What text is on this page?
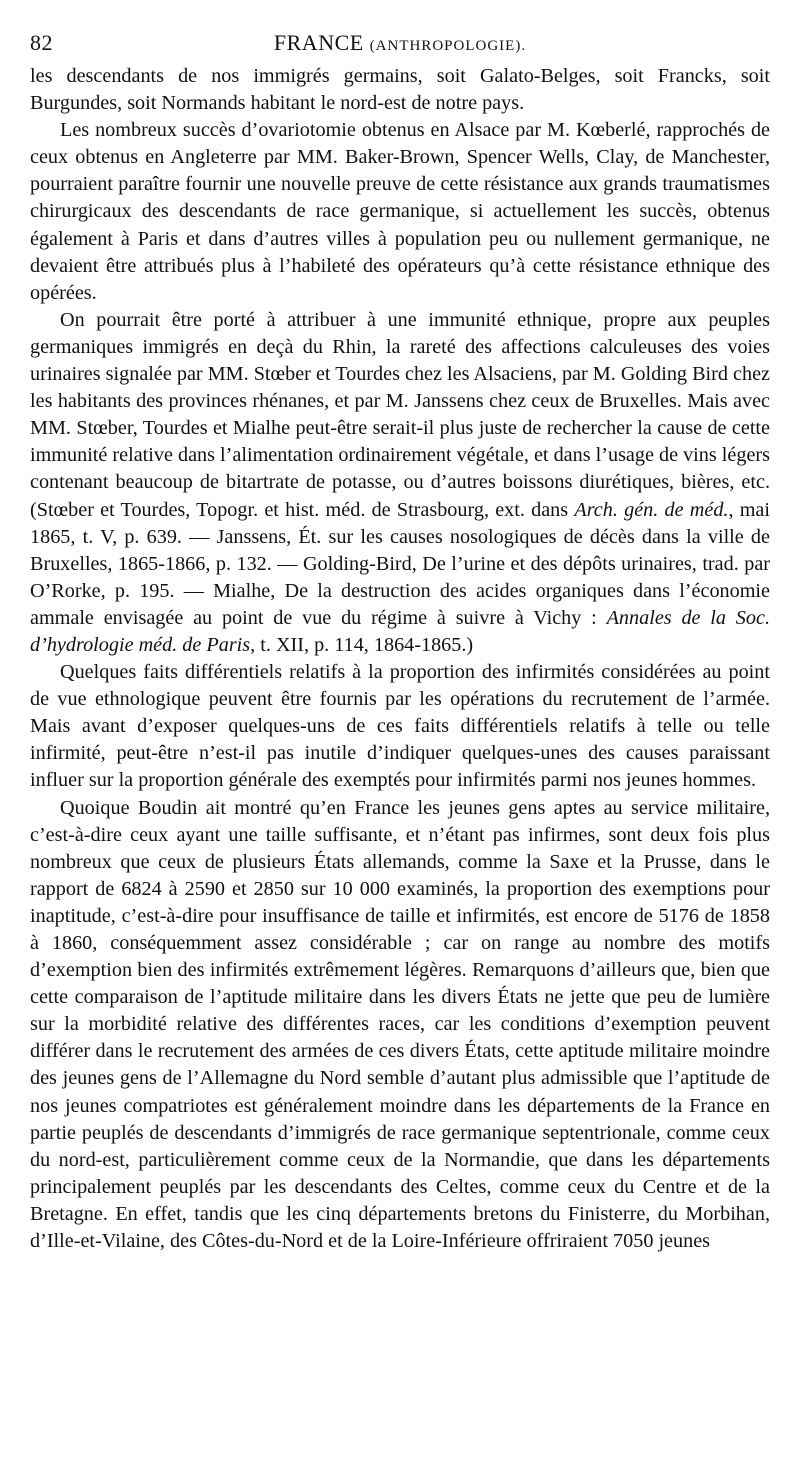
82	FRANCE (ANTHROPOLOGIE).

les descendants de nos immigrés germains, soit Galato-Belges, soit Francks, soit Burgundes, soit Normands habitant le nord-est de notre pays.

Les nombreux succès d’ovariotomie obtenus en Alsace par M. Kœberlé, rapprochés de ceux obtenus en Angleterre par MM. Baker-Brown, Spencer Wells, Clay, de Manchester, pourraient paraître fournir une nouvelle preuve de cette résistance aux grands traumatismes chirurgicaux des descendants de race germanique, si actuellement les succès, obtenus également à Paris et dans d’autres villes à population peu ou nullement germanique, ne devaient être attribués plus à l’habileté des opérateurs qu’à cette résistance ethnique des opérées.

On pourrait être porté à attribuer à une immunité ethnique, propre aux peuples germaniques immigrés en deçà du Rhin, la rareté des affections calculeuses des voies urinaires signalée par MM. Stœber et Tourdes chez les Alsaciens, par M. Golding Bird chez les habitants des provinces rhénanes, et par M. Janssens chez ceux de Bruxelles. Mais avec MM. Stœber, Tourdes et Mialhe peut-être serait-il plus juste de rechercher la cause de cette immunité relative dans l’alimentation ordinairement végétale, et dans l’usage de vins légers contenant beaucoup de bitartrate de potasse, ou d’autres boissons diurétiques, bières, etc. (Stœber et Tourdes, Topogr. et hist. méd. de Strasbourg, ext. dans Arch. gén. de méd., mai 1865, t. V, p. 639. — Janssens, Ét. sur les causes nosologiques de décès dans la ville de Bruxelles, 1865-1866, p. 132. — Golding-Bird, De l’urine et des dépôts urinaires, trad. par O’Rorke, p. 195. — Mialhe, De la destruction des acides organiques dans l’économie ammale envisagée au point de vue du régime à suivre à Vichy : Annales de la Soc. d’hydrologie méd. de Paris, t. XII, p. 114, 1864-1865.)

Quelques faits différentiels relatifs à la proportion des infirmités considérées au point de vue ethnologique peuvent être fournis par les opérations du recrutement de l’armée. Mais avant d’exposer quelques-uns de ces faits différentiels relatifs à telle ou telle infirmité, peut-être n’est-il pas inutile d’indiquer quelques-unes des causes paraissant influer sur la proportion générale des exemptés pour infirmités parmi nos jeunes hommes.

Quoique Boudin ait montré qu’en France les jeunes gens aptes au service militaire, c’est-à-dire ceux ayant une taille suffisante, et n’étant pas infirmes, sont deux fois plus nombreux que ceux de plusieurs États allemands, comme la Saxe et la Prusse, dans le rapport de 6824 à 2590 et 2850 sur 10 000 examinés, la proportion des exemptions pour inaptitude, c’est-à-dire pour insuffisance de taille et infirmités, est encore de 5176 de 1858 à 1860, conséquemment assez considérable ; car on range au nombre des motifs d’exemption bien des infirmités extrêmement légères. Remarquons d’ailleurs que, bien que cette comparaison de l’aptitude militaire dans les divers États ne jette que peu de lumière sur la morbidité relative des différentes races, car les conditions d’exemption peuvent différer dans le recrutement des armées de ces divers États, cette aptitude militaire moindre des jeunes gens de l’Allemagne du Nord semble d’autant plus admissible que l’aptitude de nos jeunes compatriotes est généralement moindre dans les départements de la France en partie peuplés de descendants d’immigrés de race germanique septentrionale, comme ceux du nord-est, particulièrement comme ceux de la Normandie, que dans les départements principalement peuplés par les descendants des Celtes, comme ceux du Centre et de la Bretagne. En effet, tandis que les cinq départements bretons du Finisterre, du Morbihan, d’Ille-et-Vilaine, des Côtes-du-Nord et de la Loire-Inférieure offriraient 7050 jeunes
